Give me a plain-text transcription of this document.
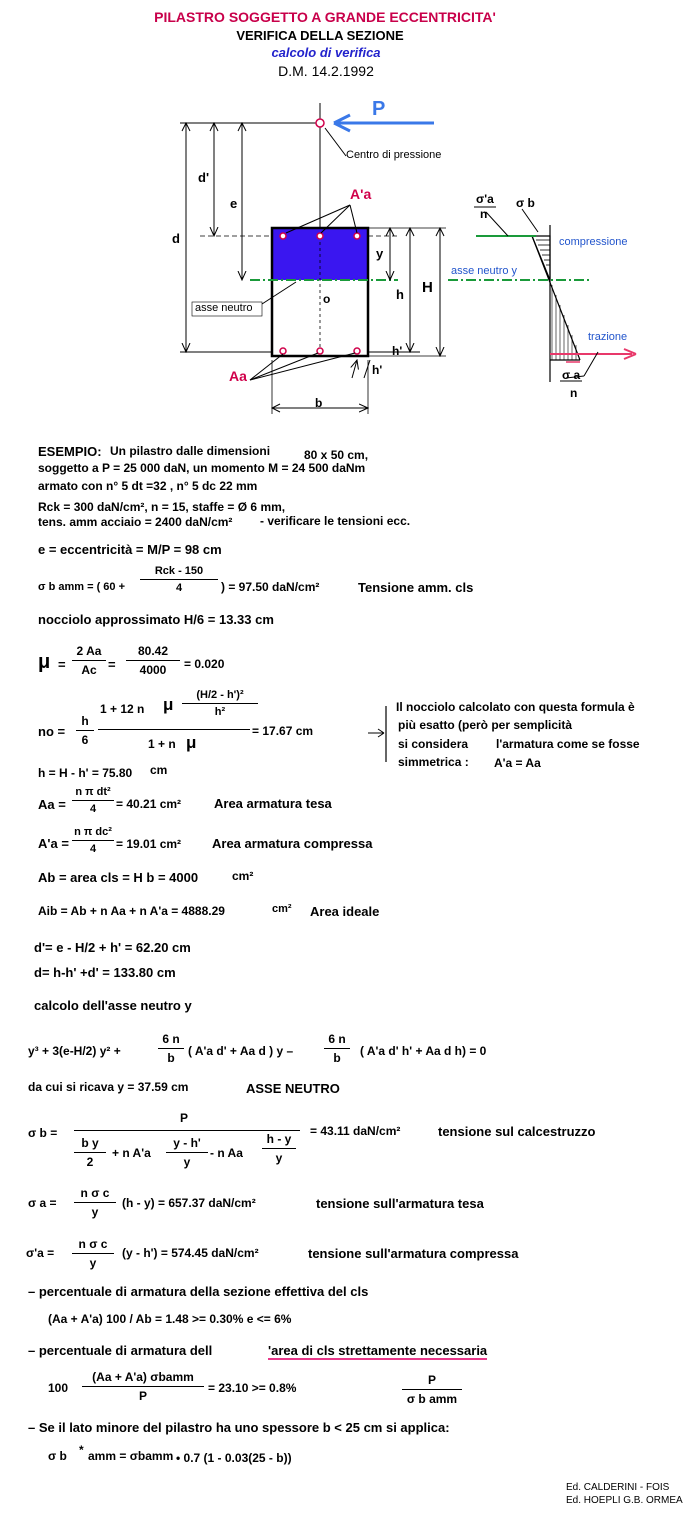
PILASTRO SOGGETTO A GRANDE ECCENTRICITA'
VERIFICA DELLA SEZIONE
calcolo di verifica
D.M. 14.2.1992
P
Centro di pressione
A'a
Aa
d'
e
d
y
h H
h'
h'
b
o
asse neutro
asse neutro y
compressione
trazione
σ'a
n
σ b
σ a
n
ESEMPIO: Un pilastro dalle dimensioni	80 x 50 cm,
soggetto a P = 25 000 daN, un momento M = 24 500 daNm
armato con n° 5 dt =32 , n° 5 dc 22 mm
Rck = 300 daN/cm², n = 15, staffe = Ø 6 mm,
tens. amm acciaio = 2400 daN/cm² - verificare le tensioni ecc.
e = eccentricità = M/P = 98 cm
σ b amm = ( 60 +
Rck - 150
4	) = 97.50 daN/cm²	Tensione amm. cls
nocciolo approssimato H/6 = 13.33 cm
μ =
2 Aa
Ac =
80.42
4000	= 0.020
no =
h
6
1 + 12 n μ	(H/2 - h')²
h²
1 + n μ
= 17.67 cm
Il nocciolo calcolato con questa formula è
più esatto (però per semplicità
si considera l'armatura come se fosse
simmetrica : A'a = Aa
h = H - h' = 75.80 cm
Aa =
n π dt²
4	= 40.21 cm²	Area armatura tesa
A'a =
n π dc²
4	= 19.01 cm² Area armatura compressa
Ab = area cls = H b = 4000	cm²
Aib = Ab + n Aa + n A'a = 4888.29	cm² Area ideale
d'= e - H/2 + h' = 62.20 cm
d= h-h' +d' = 133.80 cm
calcolo dell'asse neutro y
y³ + 3(e-H/2) y² +
6 n
b	( A'a d' + Aa d ) y –
6 n
b	( A'a d' h' + Aa d h) = 0
da cui si ricava y = 37.59 cm	ASSE NEUTRO
σ b =
P
b y
2
+ n A'a
y - h'
y
- n Aa
h - y
y
= 43.11 daN/cm²	tensione sul calcestruzzo
σ a =
n σ c
y
(h - y) = 657.37 daN/cm²	tensione sull'armatura tesa
σ'a =
n σ c
y
(y - h') = 574.45 daN/cm²	tensione sull'armatura compressa
– percentuale di armatura della sezione effettiva del cls
(Aa + A'a) 100 / Ab = 1.48 >= 0.30% e <= 6%
– percentuale di armatura dell	'area di cls strettamente necessaria
100
(Aa + A'a) σbamm
P
= 23.10 >= 0.8%
P
σ b amm
– Se il lato minore del pilastro ha uno spessore b < 25 cm si applica:
σ b * amm = σbamm • 0.7 (1 - 0.03(25 - b))
Ed. CALDERINI - FOIS
Ed. HOEPLI G.B. ORMEA
